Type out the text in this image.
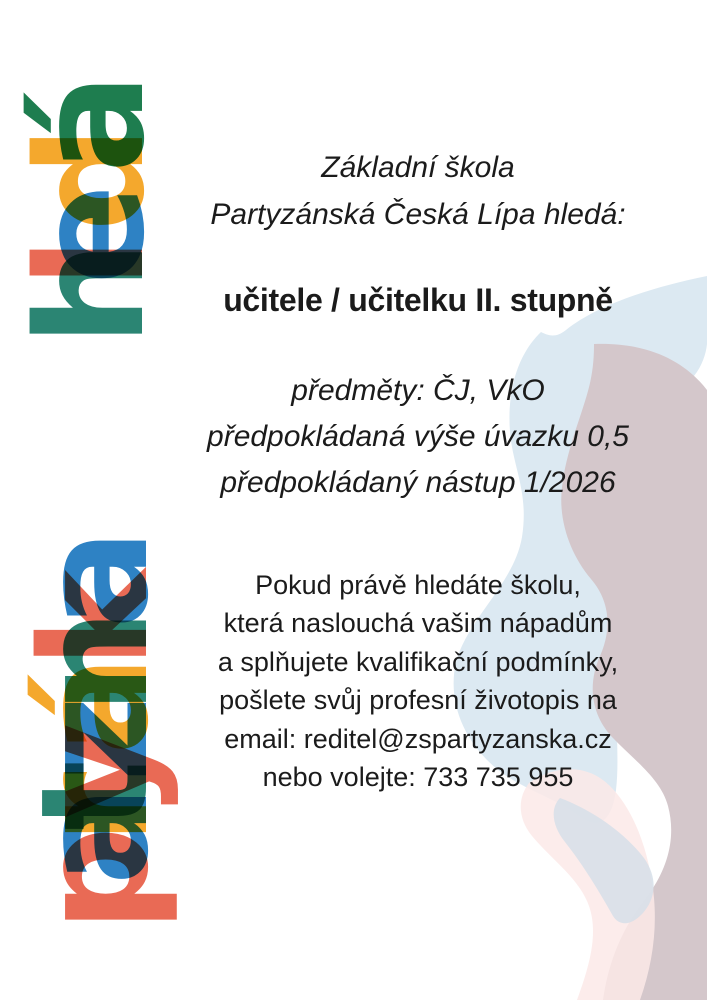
hledá
partyzánka

Základní škola

Partyzánská Česká Lípa hledá:

učitele / učitelku II. stupně

předměty: ČJ, VkO

předpokládaná výše úvazku 0,5

předpokládaný nástup 1/2026

Pokud právě hledáte školu,

která naslouchá vašim nápadům

a splňujete kvalifikační podmínky,

pošlete svůj profesní životopis na

email: reditel@zspartyzanska.cz

nebo volejte: 733 735 955
